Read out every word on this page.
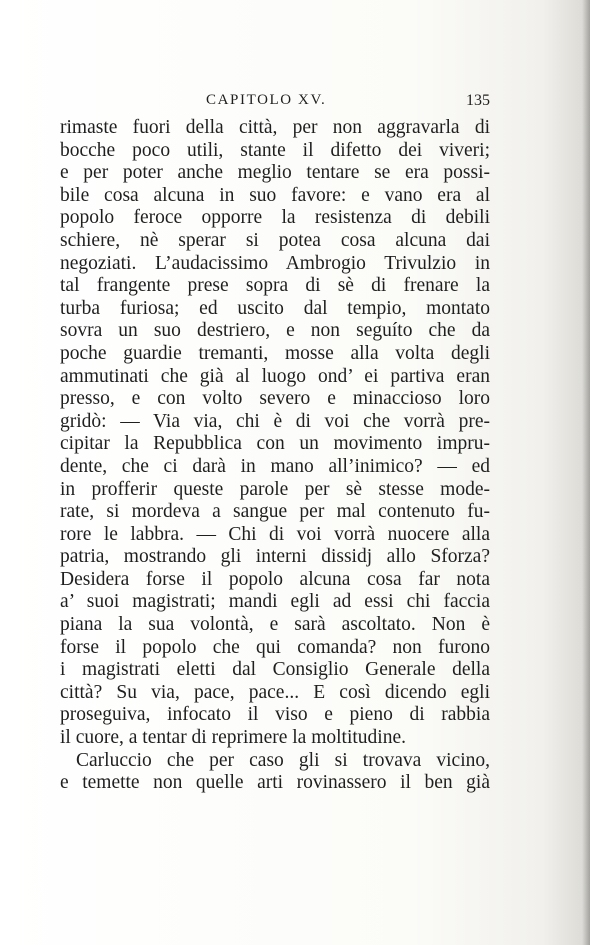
CAPITOLO XV.	135
rimaste fuori della città, per non aggravarla di
bocche poco utili, stante il difetto dei viveri;
e per poter anche meglio tentare se era possi-
bile cosa alcuna in suo favore: e vano era al
popolo feroce opporre la resistenza di debili
schiere, nè sperar si potea cosa alcuna dai
negoziati. L’audacissimo Ambrogio Trivulzio in
tal frangente prese sopra di sè di frenare la
turba furiosa; ed uscito dal tempio, montato
sovra un suo destriero, e non seguíto che da
poche guardie tremanti, mosse alla volta degli
ammutinati che già al luogo ond’ ei partiva eran
presso, e con volto severo e minaccioso loro
gridò: — Via via, chi è di voi che vorrà pre-
cipitar la Repubblica con un movimento impru-
dente, che ci darà in mano all’inimico? — ed
in profferir queste parole per sè stesse mode-
rate, si mordeva a sangue per mal contenuto fu-
rore le labbra. — Chi di voi vorrà nuocere alla
patria, mostrando gli interni dissidj allo Sforza?
Desidera forse il popolo alcuna cosa far nota
a’ suoi magistrati; mandi egli ad essi chi faccia
piana la sua volontà, e sarà ascoltato. Non è
forse il popolo che qui comanda? non furono
i magistrati eletti dal Consiglio Generale della
città? Su via, pace, pace... E così dicendo egli
proseguiva, infocato il viso e pieno di rabbia
il cuore, a tentar di reprimere la moltitudine.
Carluccio che per caso gli si trovava vicino,
e temette non quelle arti rovinassero il ben già
